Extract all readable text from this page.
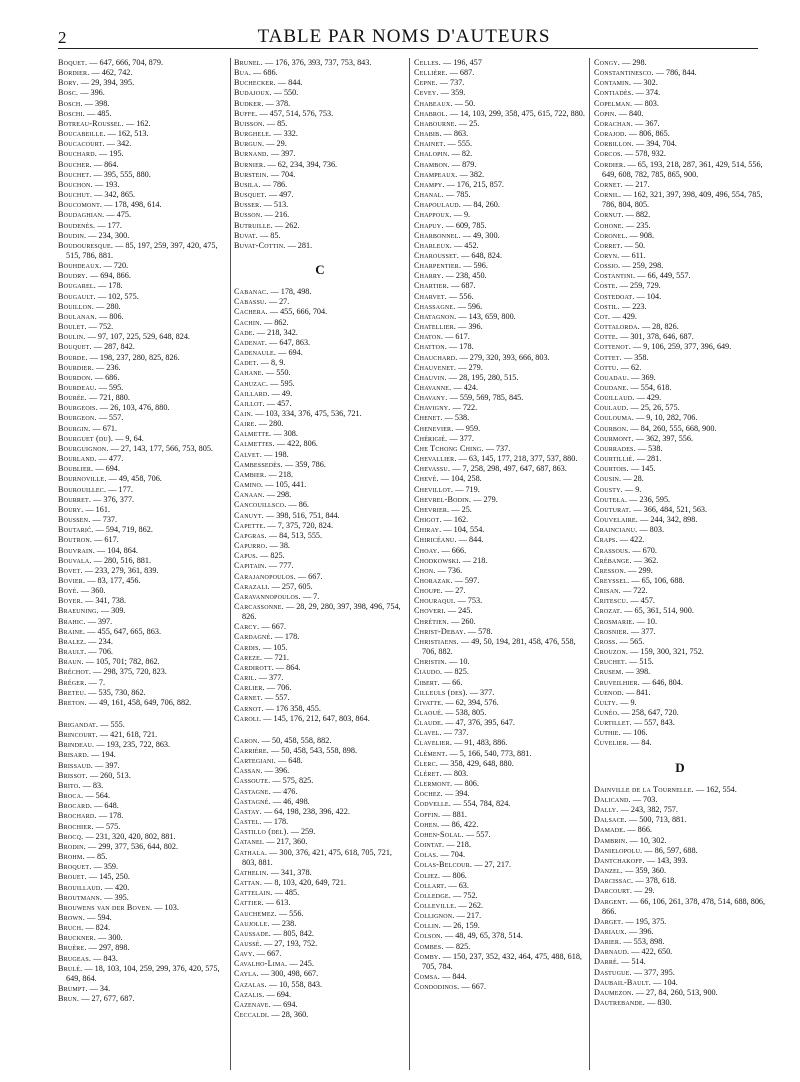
2	TABLE PAR NOMS D'AUTEURS

Boquet. — 647, 666, 704, 879.

Bordier. — 462, 742.

Bory. — 29, 394, 395.

Bosc. — 396.

Bosch. — 398.

Boschi. — 485.

Botreau-Roussel. — 162.

Boucabeille. — 162, 513.

Boucacourt. — 342.

Bouchard. — 195.

Boucher. — 864.

Bouchet. — 395, 555, 880.

Bouchon. — 193.

Bouchut. — 342, 865.

Boucomont. — 178, 498, 614.

Boudaghian. — 475.

Boudenès. — 177.

Boudin. — 234, 300.

Boudouresque. — 85, 197, 259, 397, 420, 475, 515, 786, 881.

Bouhdeaux. — 720.

Boudry. — 694, 866.

Bougarel. — 178.

Bougault. — 102, 575.

Bouillon. — 280.

Boulanan. — 806.

Boulet. — 752.

Boulin. — 97, 107, 225, 529, 648, 824.

Bouquet. — 287, 842.

Bourde. — 198, 237, 280, 825, 826.

Bourdier. — 236.

Bourdon. — 686.

Bourdeau. — 595.

Bourée. — 721, 880.

Bourgeois. — 26, 103, 476, 880.

Bourgeon. — 557.

Bourgin. — 671.

Bourguet (du). — 9, 64.

Bourguignon. — 27, 143, 177, 566, 753, 805.

Bourland. — 477.

Boublier. — 694.

Bournoville. — 49, 458, 706.

Bourouillec. — 177.

Bourret. — 376, 377.

Boury. — 161.

Boussen. — 737.

Boutarić. — 594, 719, 862.

Boutron. — 617.

Bouvrain. — 104, 864.

Bouvala. — 280, 516, 881.

Bovet. — 233, 279, 361, 839.

Bovier. — 83, 177, 456.

Boyé. — 360.

Boyer. — 341, 738.

Braeuning. — 309.

Brahic. — 397.

Braine. — 455, 647, 665, 863.

Bralez. — 234.

Brault. — 706.

Braun. — 105, 701; 782, 862.

Bréchot. — 298, 375, 720, 823.

Bréger. — 7.

Breteu. — 535, 730, 862.

Breton. — 49, 161, 458, 649, 706, 882.

Brigandat. — 555.

Brincourt. — 421, 618, 721.

Brindeau. — 193, 235, 722, 863.

Brisard. — 194.

Brissaud. — 397.

Brissot. — 260, 513.

Brito. — 83.

Broca. — 564.

Brocard. — 648.

Brochard. — 178.

Brochier. — 575.

Brocq. — 231, 320, 420, 802, 881.

Brodin. — 299, 377, 536, 644, 802.

Brohm. — 85.

Broquet. — 359.

Brouet. — 145, 250.

Brouillaud. — 420.

Broutmann. — 395.

Brouwens van der Boven. — 103.

Brown. — 594.

Bruch. — 824.

Bruckner. — 300.

Bruère. — 297, 898.

Brugeas. — 843.

Brulé. — 18, 103, 104, 259, 299, 376, 420, 575, 649, 864.

Brumpt. — 34.

Brun. — 27, 677, 687.

Brunel. — 176, 376, 393, 737, 753, 843.

Bua. — 686.

Buchecker. — 844.

Budajoux. — 550.

Budker. — 378.

Buffe. — 457, 514, 576, 753.

Buisson. — 85.

Burghele. — 332.

Burgun. — 29.

Burnand. — 397.

Burnier. — 62, 234, 394, 736.

Burstein. — 704.

Busila. — 786.

Busquet. — 497.

Busser. — 513.

Busson. — 216.

Butruille. — 262.

Buvat. — 85.

Buvat-Cottin. — 281.

C

Cabanac. — 178, 498.

Cabassu. — 27.

Cachera. — 455, 666, 704.

Cachin. — 862.

Cade. — 218, 342.

Cadenat. — 647, 863.

Cadenaule. — 694.

Cadet. — 8, 9.

Cahane. — 550.

Cahuzac. — 595.

Caillard. — 49.

Caillot. — 457.

Cain. — 103, 334, 376, 475, 536, 721.

Caire. — 280.

Calmette. — 308.

Calmettes. — 422, 806.

Calvet. — 198.

Cambessedès. — 359, 786.

Cambier. — 218.

Camino. — 105, 441.

Canaan. — 298.

Cancouillsco. — 86.

Canuyt. — 398, 516, 751, 844.

Capette. — 7, 375, 720, 824.

Capgras. — 84, 513, 555.

Capurro. — 38.

Capus. — 825.

Capitain. — 777.

Carajanopoulos. — 667.

Carazali. — 257, 605.

Caravannopoulos. — 7.

Carcassonne. — 28, 29, 280, 397, 398, 496, 754, 826.

Carcy. — 667.

Cardagné. — 178.

Cardis. — 105.

Careze. — 721.

Cardirott. — 864.

Caril. — 377.

Carlier. — 706.

Carnet. — 557.

Carnot. — 176 358, 455.

Caroli. — 145, 176, 212, 647, 803, 864.

Caron. — 50, 458, 558, 882.

Carrière. — 50, 458, 543, 558, 898.

Cartegiani. — 648.

Cassan. — 396.

Cassoute. — 575, 825.

Castagne. — 476.

Castagné. — 46, 498.

Castay. — 64, 198, 238, 396, 422.

Castel. — 178.

Castillo (del). — 259.

Catanei. — 217, 360.

Cathala. — 300, 376, 421, 475, 618, 705, 721, 803, 881.

Cathelin. — 341, 378.

Cattan. — 8, 103, 420, 649, 721.

Cattelain. — 485.

Cattier. — 613.

Cauchemez. — 556.

Caujolle. — 238.

Caussade. — 805, 842.

Caussé. — 27, 193, 752.

Cavy. — 667.

Cavalho-Lima. — 245.

Cayla. — 300, 498, 667.

Cazalas. — 10, 558, 843.

Cazalis. — 694.

Cazenave. — 694.

Ceccaldi. — 28, 360.

Celles. — 196, 457

Cellière. — 687.

Cepne. — 737.

Cevey. — 359.

Chabeaux. — 50.

Chabrol. — 14, 103, 299, 358, 475, 615, 722, 880.

Chabourne. — 25.

Chabib. — 863.

Chainet. — 555.

Chalopin. — 82.

Chambon. — 879.

Champeaux. — 382.

Champy. — 176, 215, 857.

Chanal. — 785.

Chapoulaud. — 84, 260.

Chappoux. — 9.

Chapuy. — 609, 785.

Charbonnel. — 49, 300.

Charleux. — 452.

Charousset. — 648, 824.

Charpentier. — 596.

Charry. — 238, 450.

Chartier. — 687.

Charvet. — 556.

Chassagne. — 596.

Chatagnon. — 143, 659, 800.

Chatellier. — 396.

Chaton. — 617.

Chatton. — 178.

Chauchard. — 279, 320, 393, 666, 803.

Chauvenet. — 279.

Chauvin. — 28, 195, 280, 515.

Chavanne. — 424.

Chavany. — 559, 569, 785, 845.

Chavigny. — 722.

Chenet. — 538.

Chenevier. — 959.

Chérigié. — 377.

Che Tchong Ching. — 737.

Chevallier. — 63, 145, 177, 218, 377, 537, 880.

Chevassu. — 7, 258, 298, 497, 647, 687, 863.

Chevé. — 104, 258.

Chevillot. — 719.

Chevrel-Bodin. — 279.

Chevrier. — 25.

Chigot. — 162.

Chiray. — 104, 554.

Chiricéanu. — 844.

Choay. — 666.

Chodkowski. — 218.

Chon. — 736.

Chorazak. — 597.

Choupe. — 27.

Chouraqui. — 753.

Choveri. — 245.

Chrétien. — 260.

Christ-Debay. — 578.

Christiaens. — 49, 50, 194, 281, 458, 476, 558, 706, 882.

Christin. — 10.

Ciaudo. — 825.

Cibert. — 66.

Cilleuls (des). — 377.

Civatte. — 62, 394, 576.

Claoué. — 538, 805.

Claude. — 47, 376, 395, 647.

Clavel. — 737.

Clavelier. — 91, 483, 886.

Clément. — 5, 166, 540, 773, 881.

Clerc. — 358, 429, 648, 880.

Cléret. — 803.

Clermont. — 806.

Cochez. — 394.

Codvelle. — 554, 784, 824.

Coffin. — 881.

Cohen. — 86, 422.

Cohen-Solal. — 557.

Cointat. — 218.

Colas. — 704.

Colas-Belcour. — 27, 217.

Coliez. — 806.

Collart. — 63.

Colledge. — 752.

Colleville. — 262.

Collignon. — 217.

Collin. — 26, 159.

Colson. — 48, 49, 65, 378, 514.

Combes. — 825.

Comby. — 150, 237, 352, 432, 464, 475, 488, 618, 705, 784.

Comsa. — 844.

Condodinos. — 667.

Congy. — 298.

Constantinesco. — 786, 844.

Contamin. — 302.

Contiadès. — 374.

Copelman. — 803.

Copin. — 840.

Corachan. — 367.

Corajod. — 806, 865.

Corbillon. — 394, 704.

Corcos. — 578, 932.

Cordier. — 65, 193, 218, 287, 361, 429, 514, 556, 649, 608, 782, 785, 865, 900.

Cornet. — 217.

Cornil. — 162, 321, 397, 398, 409, 496, 554, 785, 786, 804, 805.

Cornut. — 882.

Cohone. — 235.

Coronel. — 908.

Corret. — 50.

Coryn. — 611.

Cossio. — 259, 298.

Costantini. — 66, 449, 557.

Coste. — 259, 729.

Costedoat. — 104.

Costil. — 223.

Cot. — 429.

Cottalorda. — 28, 826.

Cotte. — 301, 378, 646, 687.

Cottenot. — 9, 106, 259, 377, 396, 649.

Cottet. — 358.

Cottu. — 62.

Couadau. — 369.

Coudane. — 554, 618.

Couillaud. — 429.

Coulaud. — 25, 26, 575.

Coulouma. — 9, 10, 282, 706.

Courbon. — 84, 260, 555, 668, 900.

Courmont. — 362, 397, 556.

Courrades. — 538.

Courtillié. — 281.

Courtois. — 145.

Cousin. — 28.

Cousty. — 9.

Couteła. — 236, 595.

Couturat. — 366, 484, 521, 563.

Couvelaire. — 244, 342, 898.

Craincianu. — 803.

Craps. — 422.

Crassous. — 670.

Crébange. — 362.

Cresson. — 299.

Creyssel. — 65, 106, 688.

Crisan. — 722.

Critescu. — 457.

Crozat. — 65, 361, 514, 900.

Crosmarie. — 10.

Crosnier. — 377.

Cross. — 565.

Crouzon. — 159, 300, 321, 752.

Cruchet. — 515.

Crusem. — 398.

Cruveilhier. — 646, 804.

Cuenod. — 841.

Culty. — 9.

Cunéo. — 258, 647, 720.

Curtillet. — 557, 843.

Cuthie. — 106.

Cuvelier. — 84.

D

Dainville de la Tournelle. — 162, 554.

Dalicand. — 703.

Dally. — 243, 382, 757.

Dalsace. — 500, 713, 881.

Damade. — 866.

Dambrin. — 10, 302.

Danielopolu. — 86, 597, 688.

Dantchakoff. — 143, 393.

Danzel. — 359, 360.

Darcissac. — 378, 618.

Darcourt. — 29.

Dargent. — 66, 106, 261, 378, 478, 514, 688, 806, 866.

Darget. — 195, 375.

Dariaux. — 396.

Darier. — 553, 898.

Darnaud. — 422, 650.

Darré. — 514.

Dastugue. — 377, 395.

Daubail-Bault. — 104.

Daumezon. — 27, 84, 260, 513, 900.

Dautrebande. — 830.
